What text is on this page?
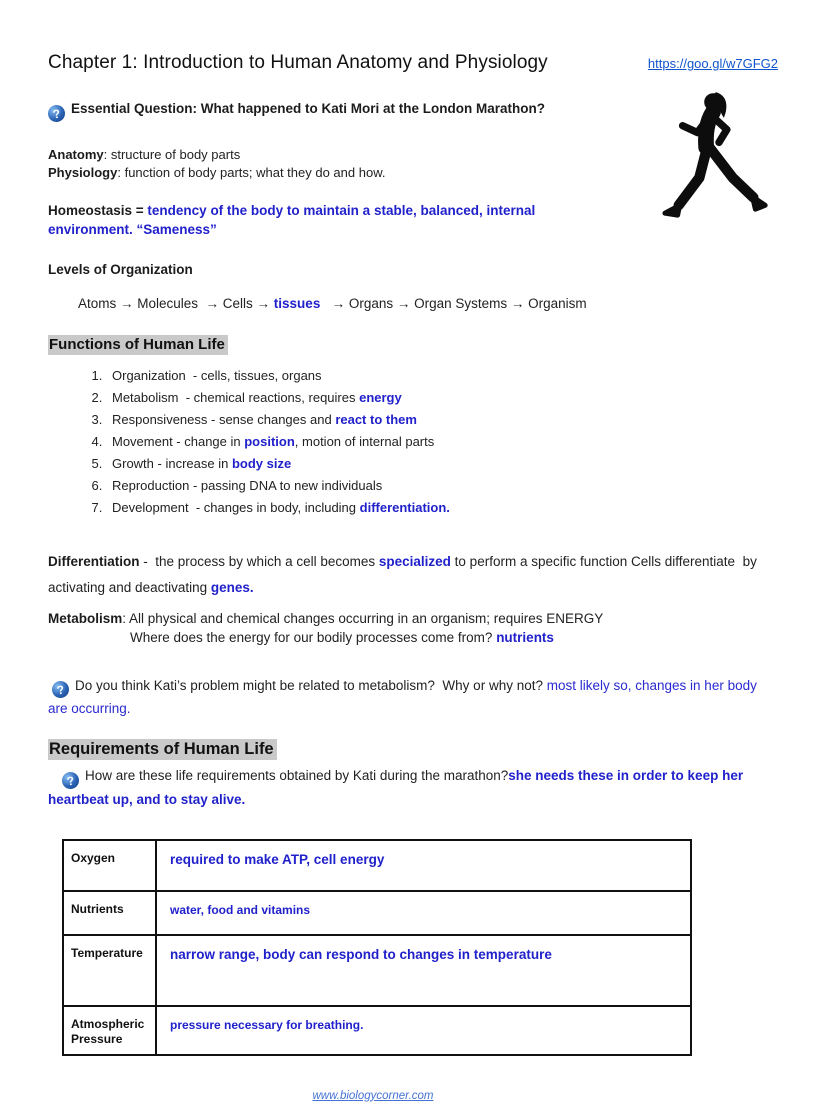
Chapter 1: Introduction to Human Anatomy and Physiology	https://goo.gl/w7GFG2

? Essential Question: What happened to Kati Mori at the London Marathon?

Anatomy: structure of body parts
Physiology: function of body parts; what they do and how.

Homeostasis = tendency of the body to maintain a stable, balanced, internal environment. “Sameness”

Levels of Organization

Atoms → Molecules  → Cells → tissues   → Organs → Organ Systems → Organism

Functions of Human Life
1. Organization  - cells, tissues, organs
2. Metabolism  - chemical reactions, requires energy
3. Responsiveness - sense changes and react to them
4. Movement - change in position, motion of internal parts
5. Growth - increase in body size
6. Reproduction - passing DNA to new individuals
7. Development  - changes in body, including differentiation.

Differentiation -  the process by which a cell becomes specialized to perform a specific function Cells differentiate  by activating and deactivating genes.

Metabolism: All physical and chemical changes occurring in an organism; requires ENERGY
Where does the energy for our bodily processes come from? nutrients

? Do you think Kati’s problem might be related to metabolism?  Why or why not? most likely so, changes in her body are occurring.

Requirements of Human Life

? How are these life requirements obtained by Kati during the marathon?she needs these in order to keep her heartbeat up, and to stay alive.

Oxygen	required to make ATP, cell energy
Nutrients	water, food and vitamins
Temperature	narrow range, body can respond to changes in temperature
Atmospheric Pressure	pressure necessary for breathing.
www.biologycorner.com
